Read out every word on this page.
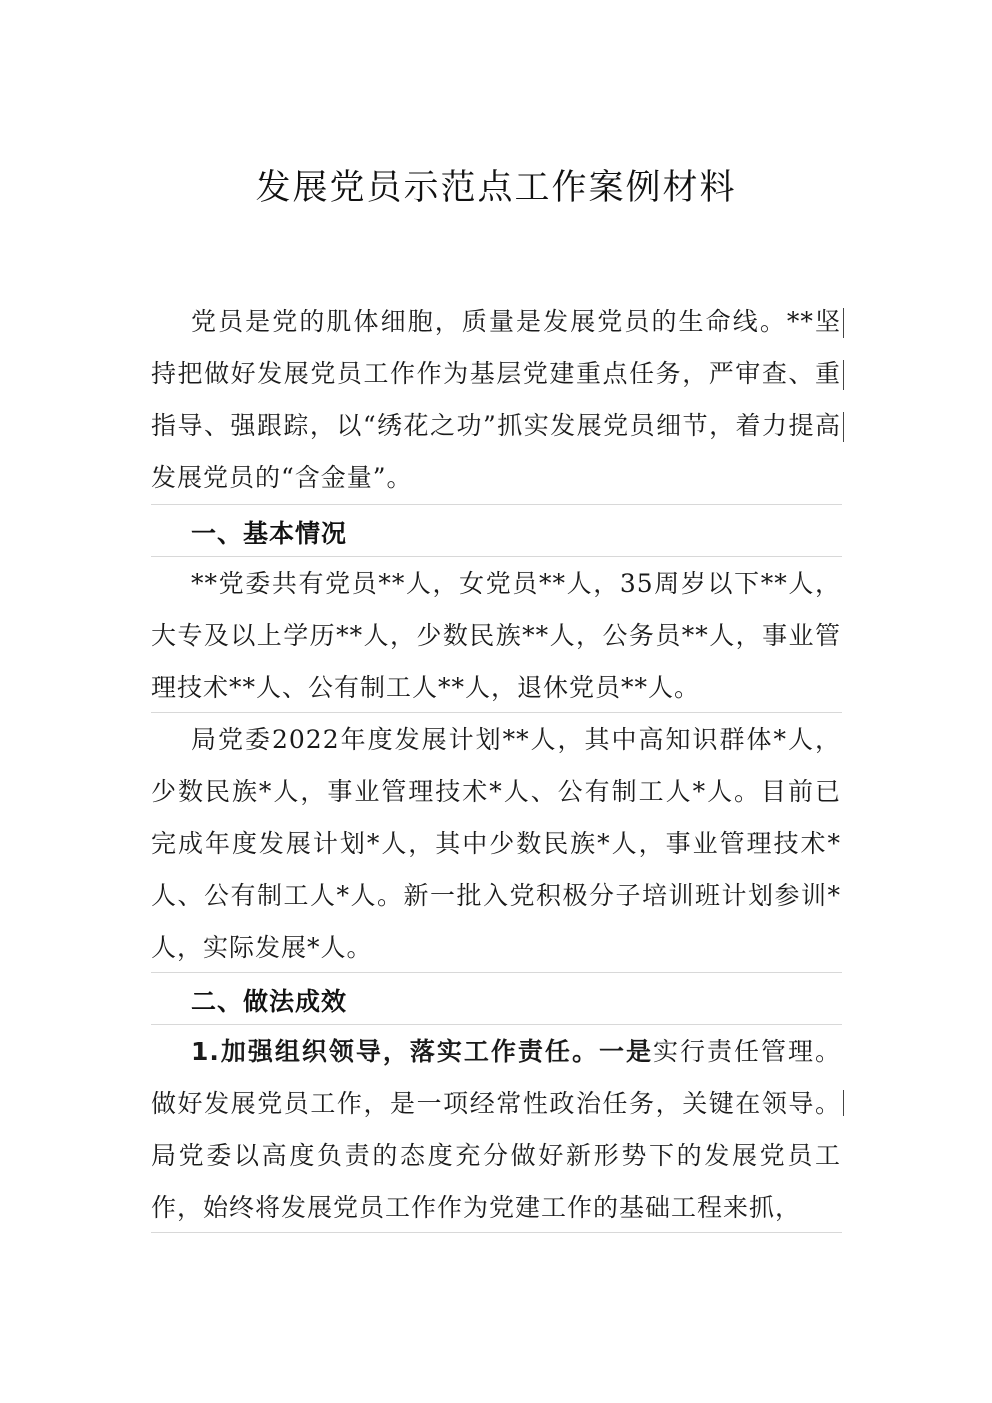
发展党员示范点工作案例材料
党员是党的肌体细胞，质量是发展党员的生命线。**坚持把做好发展党员工作作为基层党建重点任务，严审查、重指导、强跟踪，以“绣花之功”抓实发展党员细节，着力提高发展党员的“含金量”。
一、基本情况
**党委共有党员**人，女党员**人，35周岁以下**人，大专及以上学历**人，少数民族**人，公务员**人，事业管理技术**人、公有制工人**人，退休党员**人。
局党委2022年度发展计划**人，其中高知识群体*人，少数民族*人，事业管理技术*人、公有制工人*人。目前已完成年度发展计划*人，其中少数民族*人，事业管理技术*人、公有制工人*人。新一批入党积极分子培训班计划参训*人，实际发展*人。
二、做法成效
1.加强组织领导，落实工作责任。一是实行责任管理。做好发展党员工作，是一项经常性政治任务，关键在领导。局党委以高度负责的态度充分做好新形势下的发展党员工作，始终将发展党员工作作为党建工作的基础工程来抓，
